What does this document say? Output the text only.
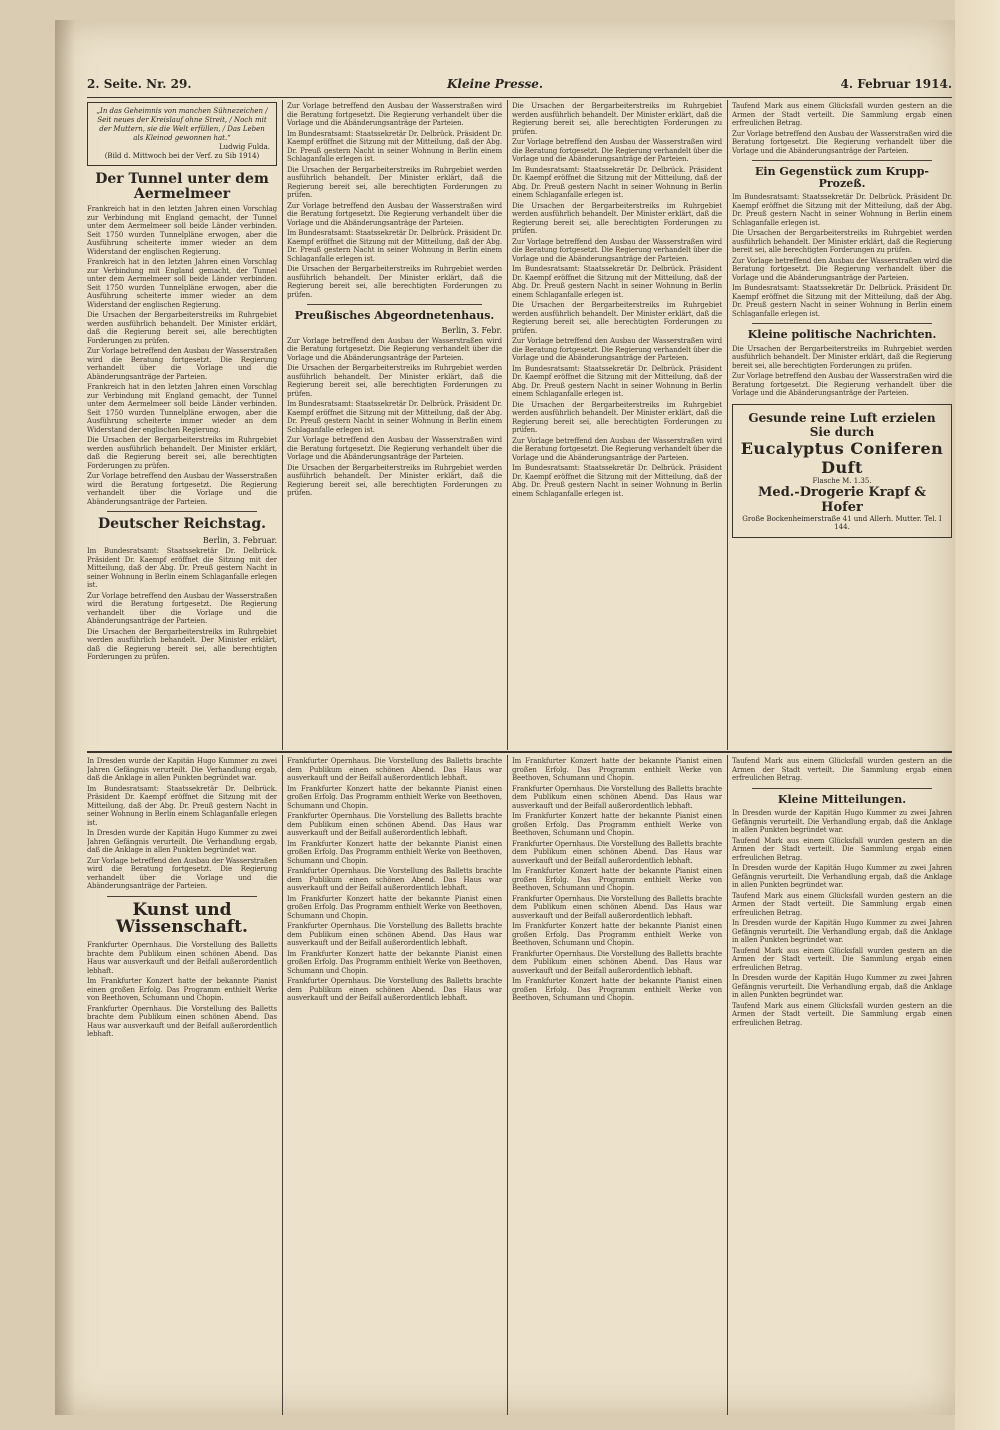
2. Seite. Nr. 29.	Kleine Presse.	4. Februar 1914.
„In das Geheimnis von manchen Sühnezeichen / Seit neues der Kreislauf ohne Streit, / Noch mit der Muttern, sie die Welt erfüllen, / Das Leben als Kleinod gewonnen hat.“
Ludwig Fulda.
(Bild d. Mittwoch bei der Verf. zu Sib 1914)
Der Tunnel unter dem Aermelmeer
Frankreich hat in den letzten Jahren einen Vorschlag zur Verbindung mit England gemacht, der Tunnel unter dem Aermelmeer soll beide Länder verbinden. Seit 1750 wurden Tunnelpläne erwogen, aber die Ausführung scheiterte immer wieder an dem Widerstand der englischen Regierung.
Frankreich hat in den letzten Jahren einen Vorschlag zur Verbindung mit England gemacht, der Tunnel unter dem Aermelmeer soll beide Länder verbinden. Seit 1750 wurden Tunnelpläne erwogen, aber die Ausführung scheiterte immer wieder an dem Widerstand der englischen Regierung.
Die Ursachen der Bergarbeiterstreiks im Ruhrgebiet werden ausführlich behandelt. Der Minister erklärt, daß die Regierung bereit sei, alle berechtigten Forderungen zu prüfen.
Zur Vorlage betreffend den Ausbau der Wasserstraßen wird die Beratung fortgesetzt. Die Regierung verhandelt über die Vorlage und die Abänderungsanträge der Parteien.
Frankreich hat in den letzten Jahren einen Vorschlag zur Verbindung mit England gemacht, der Tunnel unter dem Aermelmeer soll beide Länder verbinden. Seit 1750 wurden Tunnelpläne erwogen, aber die Ausführung scheiterte immer wieder an dem Widerstand der englischen Regierung.
Die Ursachen der Bergarbeiterstreiks im Ruhrgebiet werden ausführlich behandelt. Der Minister erklärt, daß die Regierung bereit sei, alle berechtigten Forderungen zu prüfen.
Zur Vorlage betreffend den Ausbau der Wasserstraßen wird die Beratung fortgesetzt. Die Regierung verhandelt über die Vorlage und die Abänderungsanträge der Parteien.
Deutscher Reichstag.
Berlin, 3. Februar.
Im Bundesratsamt: Staatssekretär Dr. Delbrück. Präsident Dr. Kaempf eröffnet die Sitzung mit der Mitteilung, daß der Abg. Dr. Preuß gestern Nacht in seiner Wohnung in Berlin einem Schlaganfalle erlegen ist.
Zur Vorlage betreffend den Ausbau der Wasserstraßen wird die Beratung fortgesetzt. Die Regierung verhandelt über die Vorlage und die Abänderungsanträge der Parteien.
Die Ursachen der Bergarbeiterstreiks im Ruhrgebiet werden ausführlich behandelt. Der Minister erklärt, daß die Regierung bereit sei, alle berechtigten Forderungen zu prüfen.
Zur Vorlage betreffend den Ausbau der Wasserstraßen wird die Beratung fortgesetzt. Die Regierung verhandelt über die Vorlage und die Abänderungsanträge der Parteien.
Im Bundesratsamt: Staatssekretär Dr. Delbrück. Präsident Dr. Kaempf eröffnet die Sitzung mit der Mitteilung, daß der Abg. Dr. Preuß gestern Nacht in seiner Wohnung in Berlin einem Schlaganfalle erlegen ist.
Die Ursachen der Bergarbeiterstreiks im Ruhrgebiet werden ausführlich behandelt. Der Minister erklärt, daß die Regierung bereit sei, alle berechtigten Forderungen zu prüfen.
Zur Vorlage betreffend den Ausbau der Wasserstraßen wird die Beratung fortgesetzt. Die Regierung verhandelt über die Vorlage und die Abänderungsanträge der Parteien.
Im Bundesratsamt: Staatssekretär Dr. Delbrück. Präsident Dr. Kaempf eröffnet die Sitzung mit der Mitteilung, daß der Abg. Dr. Preuß gestern Nacht in seiner Wohnung in Berlin einem Schlaganfalle erlegen ist.
Die Ursachen der Bergarbeiterstreiks im Ruhrgebiet werden ausführlich behandelt. Der Minister erklärt, daß die Regierung bereit sei, alle berechtigten Forderungen zu prüfen.
Preußisches Abgeordnetenhaus.
Berlin, 3. Febr.
Zur Vorlage betreffend den Ausbau der Wasserstraßen wird die Beratung fortgesetzt. Die Regierung verhandelt über die Vorlage und die Abänderungsanträge der Parteien.
Die Ursachen der Bergarbeiterstreiks im Ruhrgebiet werden ausführlich behandelt. Der Minister erklärt, daß die Regierung bereit sei, alle berechtigten Forderungen zu prüfen.
Im Bundesratsamt: Staatssekretär Dr. Delbrück. Präsident Dr. Kaempf eröffnet die Sitzung mit der Mitteilung, daß der Abg. Dr. Preuß gestern Nacht in seiner Wohnung in Berlin einem Schlaganfalle erlegen ist.
Zur Vorlage betreffend den Ausbau der Wasserstraßen wird die Beratung fortgesetzt. Die Regierung verhandelt über die Vorlage und die Abänderungsanträge der Parteien.
Die Ursachen der Bergarbeiterstreiks im Ruhrgebiet werden ausführlich behandelt. Der Minister erklärt, daß die Regierung bereit sei, alle berechtigten Forderungen zu prüfen.
Die Ursachen der Bergarbeiterstreiks im Ruhrgebiet werden ausführlich behandelt. Der Minister erklärt, daß die Regierung bereit sei, alle berechtigten Forderungen zu prüfen.
Zur Vorlage betreffend den Ausbau der Wasserstraßen wird die Beratung fortgesetzt. Die Regierung verhandelt über die Vorlage und die Abänderungsanträge der Parteien.
Im Bundesratsamt: Staatssekretär Dr. Delbrück. Präsident Dr. Kaempf eröffnet die Sitzung mit der Mitteilung, daß der Abg. Dr. Preuß gestern Nacht in seiner Wohnung in Berlin einem Schlaganfalle erlegen ist.
Die Ursachen der Bergarbeiterstreiks im Ruhrgebiet werden ausführlich behandelt. Der Minister erklärt, daß die Regierung bereit sei, alle berechtigten Forderungen zu prüfen.
Zur Vorlage betreffend den Ausbau der Wasserstraßen wird die Beratung fortgesetzt. Die Regierung verhandelt über die Vorlage und die Abänderungsanträge der Parteien.
Im Bundesratsamt: Staatssekretär Dr. Delbrück. Präsident Dr. Kaempf eröffnet die Sitzung mit der Mitteilung, daß der Abg. Dr. Preuß gestern Nacht in seiner Wohnung in Berlin einem Schlaganfalle erlegen ist.
Die Ursachen der Bergarbeiterstreiks im Ruhrgebiet werden ausführlich behandelt. Der Minister erklärt, daß die Regierung bereit sei, alle berechtigten Forderungen zu prüfen.
Zur Vorlage betreffend den Ausbau der Wasserstraßen wird die Beratung fortgesetzt. Die Regierung verhandelt über die Vorlage und die Abänderungsanträge der Parteien.
Im Bundesratsamt: Staatssekretär Dr. Delbrück. Präsident Dr. Kaempf eröffnet die Sitzung mit der Mitteilung, daß der Abg. Dr. Preuß gestern Nacht in seiner Wohnung in Berlin einem Schlaganfalle erlegen ist.
Die Ursachen der Bergarbeiterstreiks im Ruhrgebiet werden ausführlich behandelt. Der Minister erklärt, daß die Regierung bereit sei, alle berechtigten Forderungen zu prüfen.
Zur Vorlage betreffend den Ausbau der Wasserstraßen wird die Beratung fortgesetzt. Die Regierung verhandelt über die Vorlage und die Abänderungsanträge der Parteien.
Im Bundesratsamt: Staatssekretär Dr. Delbrück. Präsident Dr. Kaempf eröffnet die Sitzung mit der Mitteilung, daß der Abg. Dr. Preuß gestern Nacht in seiner Wohnung in Berlin einem Schlaganfalle erlegen ist.
Taufend Mark aus einem Glücksfall wurden gestern an die Armen der Stadt verteilt. Die Sammlung ergab einen erfreulichen Betrag.
Zur Vorlage betreffend den Ausbau der Wasserstraßen wird die Beratung fortgesetzt. Die Regierung verhandelt über die Vorlage und die Abänderungsanträge der Parteien.
Ein Gegenstück zum Krupp-Prozeß.
Im Bundesratsamt: Staatssekretär Dr. Delbrück. Präsident Dr. Kaempf eröffnet die Sitzung mit der Mitteilung, daß der Abg. Dr. Preuß gestern Nacht in seiner Wohnung in Berlin einem Schlaganfalle erlegen ist.
Die Ursachen der Bergarbeiterstreiks im Ruhrgebiet werden ausführlich behandelt. Der Minister erklärt, daß die Regierung bereit sei, alle berechtigten Forderungen zu prüfen.
Zur Vorlage betreffend den Ausbau der Wasserstraßen wird die Beratung fortgesetzt. Die Regierung verhandelt über die Vorlage und die Abänderungsanträge der Parteien.
Im Bundesratsamt: Staatssekretär Dr. Delbrück. Präsident Dr. Kaempf eröffnet die Sitzung mit der Mitteilung, daß der Abg. Dr. Preuß gestern Nacht in seiner Wohnung in Berlin einem Schlaganfalle erlegen ist.
Kleine politische Nachrichten.
Die Ursachen der Bergarbeiterstreiks im Ruhrgebiet werden ausführlich behandelt. Der Minister erklärt, daß die Regierung bereit sei, alle berechtigten Forderungen zu prüfen.
Zur Vorlage betreffend den Ausbau der Wasserstraßen wird die Beratung fortgesetzt. Die Regierung verhandelt über die Vorlage und die Abänderungsanträge der Parteien.
Gesunde reine Luft erzielen Sie durch
Eucalyptus Coniferen Duft
Flasche M. 1.35.
Med.-Drogerie Krapf & Hofer
Große Bockenheimerstraße 41 und Allerh. Mutter. Tel. I 144.
In Dresden wurde der Kapitän Hugo Kummer zu zwei Jahren Gefängnis verurteilt. Die Verhandlung ergab, daß die Anklage in allen Punkten begründet war.
Im Bundesratsamt: Staatssekretär Dr. Delbrück. Präsident Dr. Kaempf eröffnet die Sitzung mit der Mitteilung, daß der Abg. Dr. Preuß gestern Nacht in seiner Wohnung in Berlin einem Schlaganfalle erlegen ist.
In Dresden wurde der Kapitän Hugo Kummer zu zwei Jahren Gefängnis verurteilt. Die Verhandlung ergab, daß die Anklage in allen Punkten begründet war.
Zur Vorlage betreffend den Ausbau der Wasserstraßen wird die Beratung fortgesetzt. Die Regierung verhandelt über die Vorlage und die Abänderungsanträge der Parteien.
Kunst und Wissenschaft.
Frankfurter Opernhaus. Die Vorstellung des Balletts brachte dem Publikum einen schönen Abend. Das Haus war ausverkauft und der Beifall außerordentlich lebhaft.
Im Frankfurter Konzert hatte der bekannte Pianist einen großen Erfolg. Das Programm enthielt Werke von Beethoven, Schumann und Chopin.
Frankfurter Opernhaus. Die Vorstellung des Balletts brachte dem Publikum einen schönen Abend. Das Haus war ausverkauft und der Beifall außerordentlich lebhaft.
Frankfurter Opernhaus. Die Vorstellung des Balletts brachte dem Publikum einen schönen Abend. Das Haus war ausverkauft und der Beifall außerordentlich lebhaft.
Im Frankfurter Konzert hatte der bekannte Pianist einen großen Erfolg. Das Programm enthielt Werke von Beethoven, Schumann und Chopin.
Frankfurter Opernhaus. Die Vorstellung des Balletts brachte dem Publikum einen schönen Abend. Das Haus war ausverkauft und der Beifall außerordentlich lebhaft.
Im Frankfurter Konzert hatte der bekannte Pianist einen großen Erfolg. Das Programm enthielt Werke von Beethoven, Schumann und Chopin.
Frankfurter Opernhaus. Die Vorstellung des Balletts brachte dem Publikum einen schönen Abend. Das Haus war ausverkauft und der Beifall außerordentlich lebhaft.
Im Frankfurter Konzert hatte der bekannte Pianist einen großen Erfolg. Das Programm enthielt Werke von Beethoven, Schumann und Chopin.
Frankfurter Opernhaus. Die Vorstellung des Balletts brachte dem Publikum einen schönen Abend. Das Haus war ausverkauft und der Beifall außerordentlich lebhaft.
Im Frankfurter Konzert hatte der bekannte Pianist einen großen Erfolg. Das Programm enthielt Werke von Beethoven, Schumann und Chopin.
Frankfurter Opernhaus. Die Vorstellung des Balletts brachte dem Publikum einen schönen Abend. Das Haus war ausverkauft und der Beifall außerordentlich lebhaft.
Im Frankfurter Konzert hatte der bekannte Pianist einen großen Erfolg. Das Programm enthielt Werke von Beethoven, Schumann und Chopin.
Frankfurter Opernhaus. Die Vorstellung des Balletts brachte dem Publikum einen schönen Abend. Das Haus war ausverkauft und der Beifall außerordentlich lebhaft.
Im Frankfurter Konzert hatte der bekannte Pianist einen großen Erfolg. Das Programm enthielt Werke von Beethoven, Schumann und Chopin.
Frankfurter Opernhaus. Die Vorstellung des Balletts brachte dem Publikum einen schönen Abend. Das Haus war ausverkauft und der Beifall außerordentlich lebhaft.
Im Frankfurter Konzert hatte der bekannte Pianist einen großen Erfolg. Das Programm enthielt Werke von Beethoven, Schumann und Chopin.
Frankfurter Opernhaus. Die Vorstellung des Balletts brachte dem Publikum einen schönen Abend. Das Haus war ausverkauft und der Beifall außerordentlich lebhaft.
Im Frankfurter Konzert hatte der bekannte Pianist einen großen Erfolg. Das Programm enthielt Werke von Beethoven, Schumann und Chopin.
Frankfurter Opernhaus. Die Vorstellung des Balletts brachte dem Publikum einen schönen Abend. Das Haus war ausverkauft und der Beifall außerordentlich lebhaft.
Im Frankfurter Konzert hatte der bekannte Pianist einen großen Erfolg. Das Programm enthielt Werke von Beethoven, Schumann und Chopin.
Taufend Mark aus einem Glücksfall wurden gestern an die Armen der Stadt verteilt. Die Sammlung ergab einen erfreulichen Betrag.
Kleine Mitteilungen.
In Dresden wurde der Kapitän Hugo Kummer zu zwei Jahren Gefängnis verurteilt. Die Verhandlung ergab, daß die Anklage in allen Punkten begründet war.
Taufend Mark aus einem Glücksfall wurden gestern an die Armen der Stadt verteilt. Die Sammlung ergab einen erfreulichen Betrag.
In Dresden wurde der Kapitän Hugo Kummer zu zwei Jahren Gefängnis verurteilt. Die Verhandlung ergab, daß die Anklage in allen Punkten begründet war.
Taufend Mark aus einem Glücksfall wurden gestern an die Armen der Stadt verteilt. Die Sammlung ergab einen erfreulichen Betrag.
In Dresden wurde der Kapitän Hugo Kummer zu zwei Jahren Gefängnis verurteilt. Die Verhandlung ergab, daß die Anklage in allen Punkten begründet war.
Taufend Mark aus einem Glücksfall wurden gestern an die Armen der Stadt verteilt. Die Sammlung ergab einen erfreulichen Betrag.
In Dresden wurde der Kapitän Hugo Kummer zu zwei Jahren Gefängnis verurteilt. Die Verhandlung ergab, daß die Anklage in allen Punkten begründet war.
Taufend Mark aus einem Glücksfall wurden gestern an die Armen der Stadt verteilt. Die Sammlung ergab einen erfreulichen Betrag.
